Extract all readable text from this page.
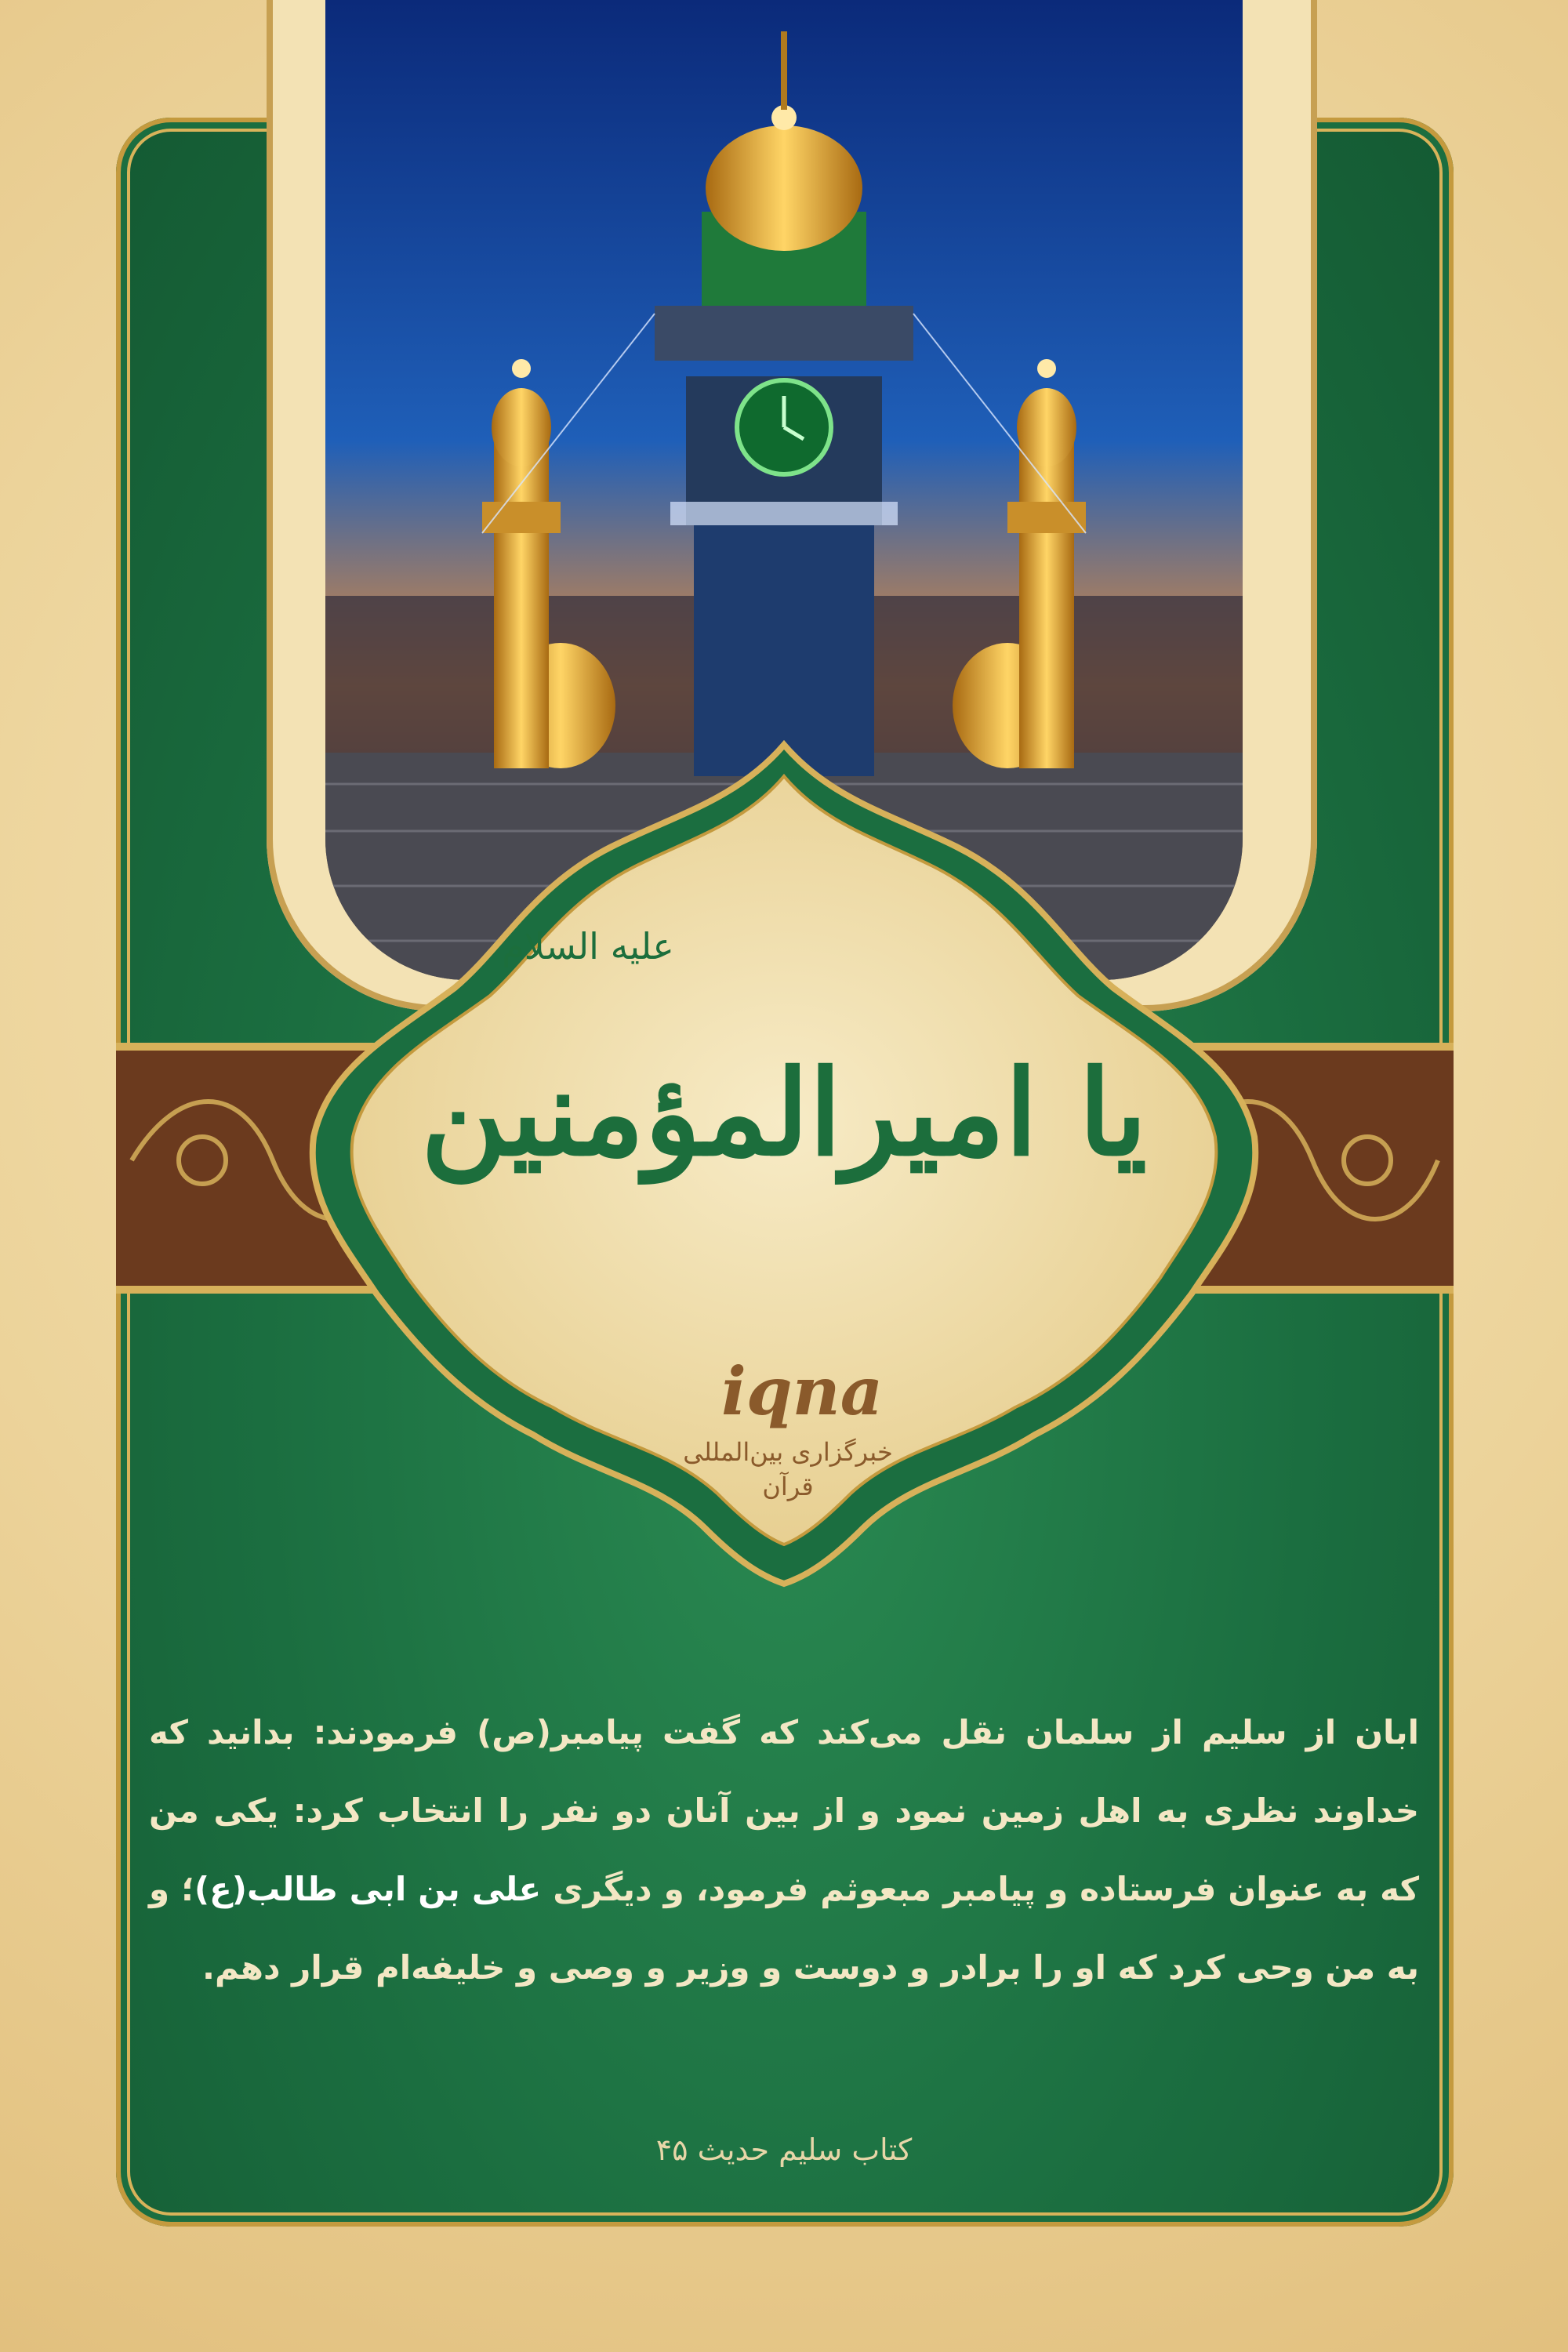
علیه السلام
یا امیرالمؤمنین
iqna
خبرگزاری بین‌المللی
قرآن
ابان از سلیم از سلمان نقل می‌کند که گفت پیامبر(ص) فرمودند: بدانید که خداوند نظری به اهل زمین نمود و از بین آنان دو نفر را انتخاب کرد: یکی من که به عنوان فرستاده و پیامبر مبعوثم فرمود، و دیگری علی بن ابی طالب(ع)؛ و به من وحی کرد که او را برادر و دوست و وزیر و وصی و خلیفه‌ام قرار دهم.
کتاب سلیم حدیث ۴۵
